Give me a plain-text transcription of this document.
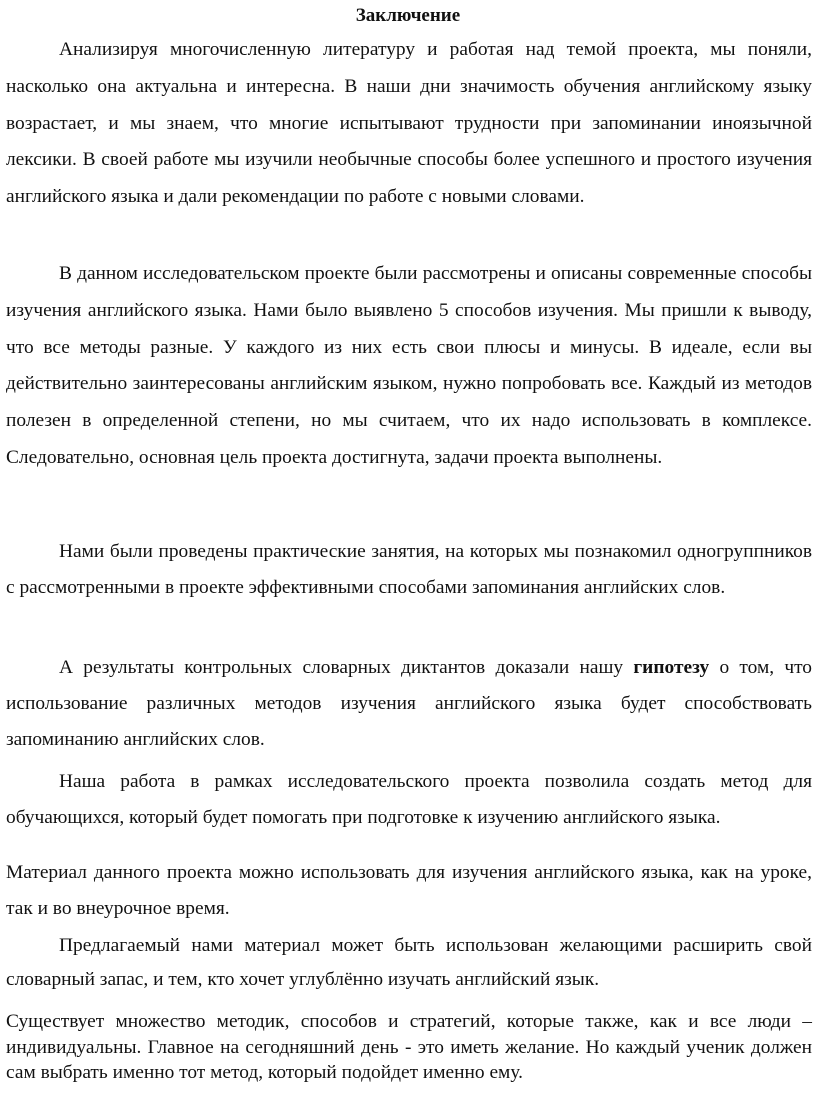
Заключение

Анализируя многочисленную литературу и работая над темой проекта, мы поняли, насколько она актуальна и интересна. В наши дни значимость обучения английскому языку возрастает, и мы знаем, что многие испытывают трудности при запоминании иноязычной лексики. В своей работе мы изучили необычные способы более успешного и простого изучения английского языка и дали рекомендации по работе с новыми словами.

В данном исследовательском проекте были рассмотрены и описаны современные способы изучения английского языка. Нами было выявлено 5 способов изучения. Мы пришли к выводу, что все методы разные. У каждого из них есть свои плюсы и минусы. В идеале, если вы действительно заинтересованы английским языком, нужно попробовать все. Каждый из методов полезен в определенной степени, но мы считаем, что их надо использовать в комплексе. Следовательно, основная цель проекта достигнута, задачи проекта выполнены.

Нами были проведены практические занятия, на которых мы познакомил одногруппников с рассмотренными в проекте эффективными способами запоминания английских слов.

А результаты контрольных словарных диктантов доказали нашу гипотезу о том, что использование различных методов изучения английского языка будет способствовать запоминанию английских слов.

Наша работа в рамках исследовательского проекта позволила создать метод для обучающихся, который будет помогать при подготовке к изучению английского языка.

Материал данного проекта можно использовать для изучения английского языка, как на уроке, так и во внеурочное время.

Предлагаемый нами материал может быть использован желающими расширить свой словарный запас, и тем, кто хочет углублённо изучать английский язык.

Существует множество методик, способов и стратегий, которые также, как и все люди – индивидуальны. Главное на сегодняшний день - это иметь желание. Но каждый ученик должен сам выбрать именно тот метод, который подойдет именно ему.
